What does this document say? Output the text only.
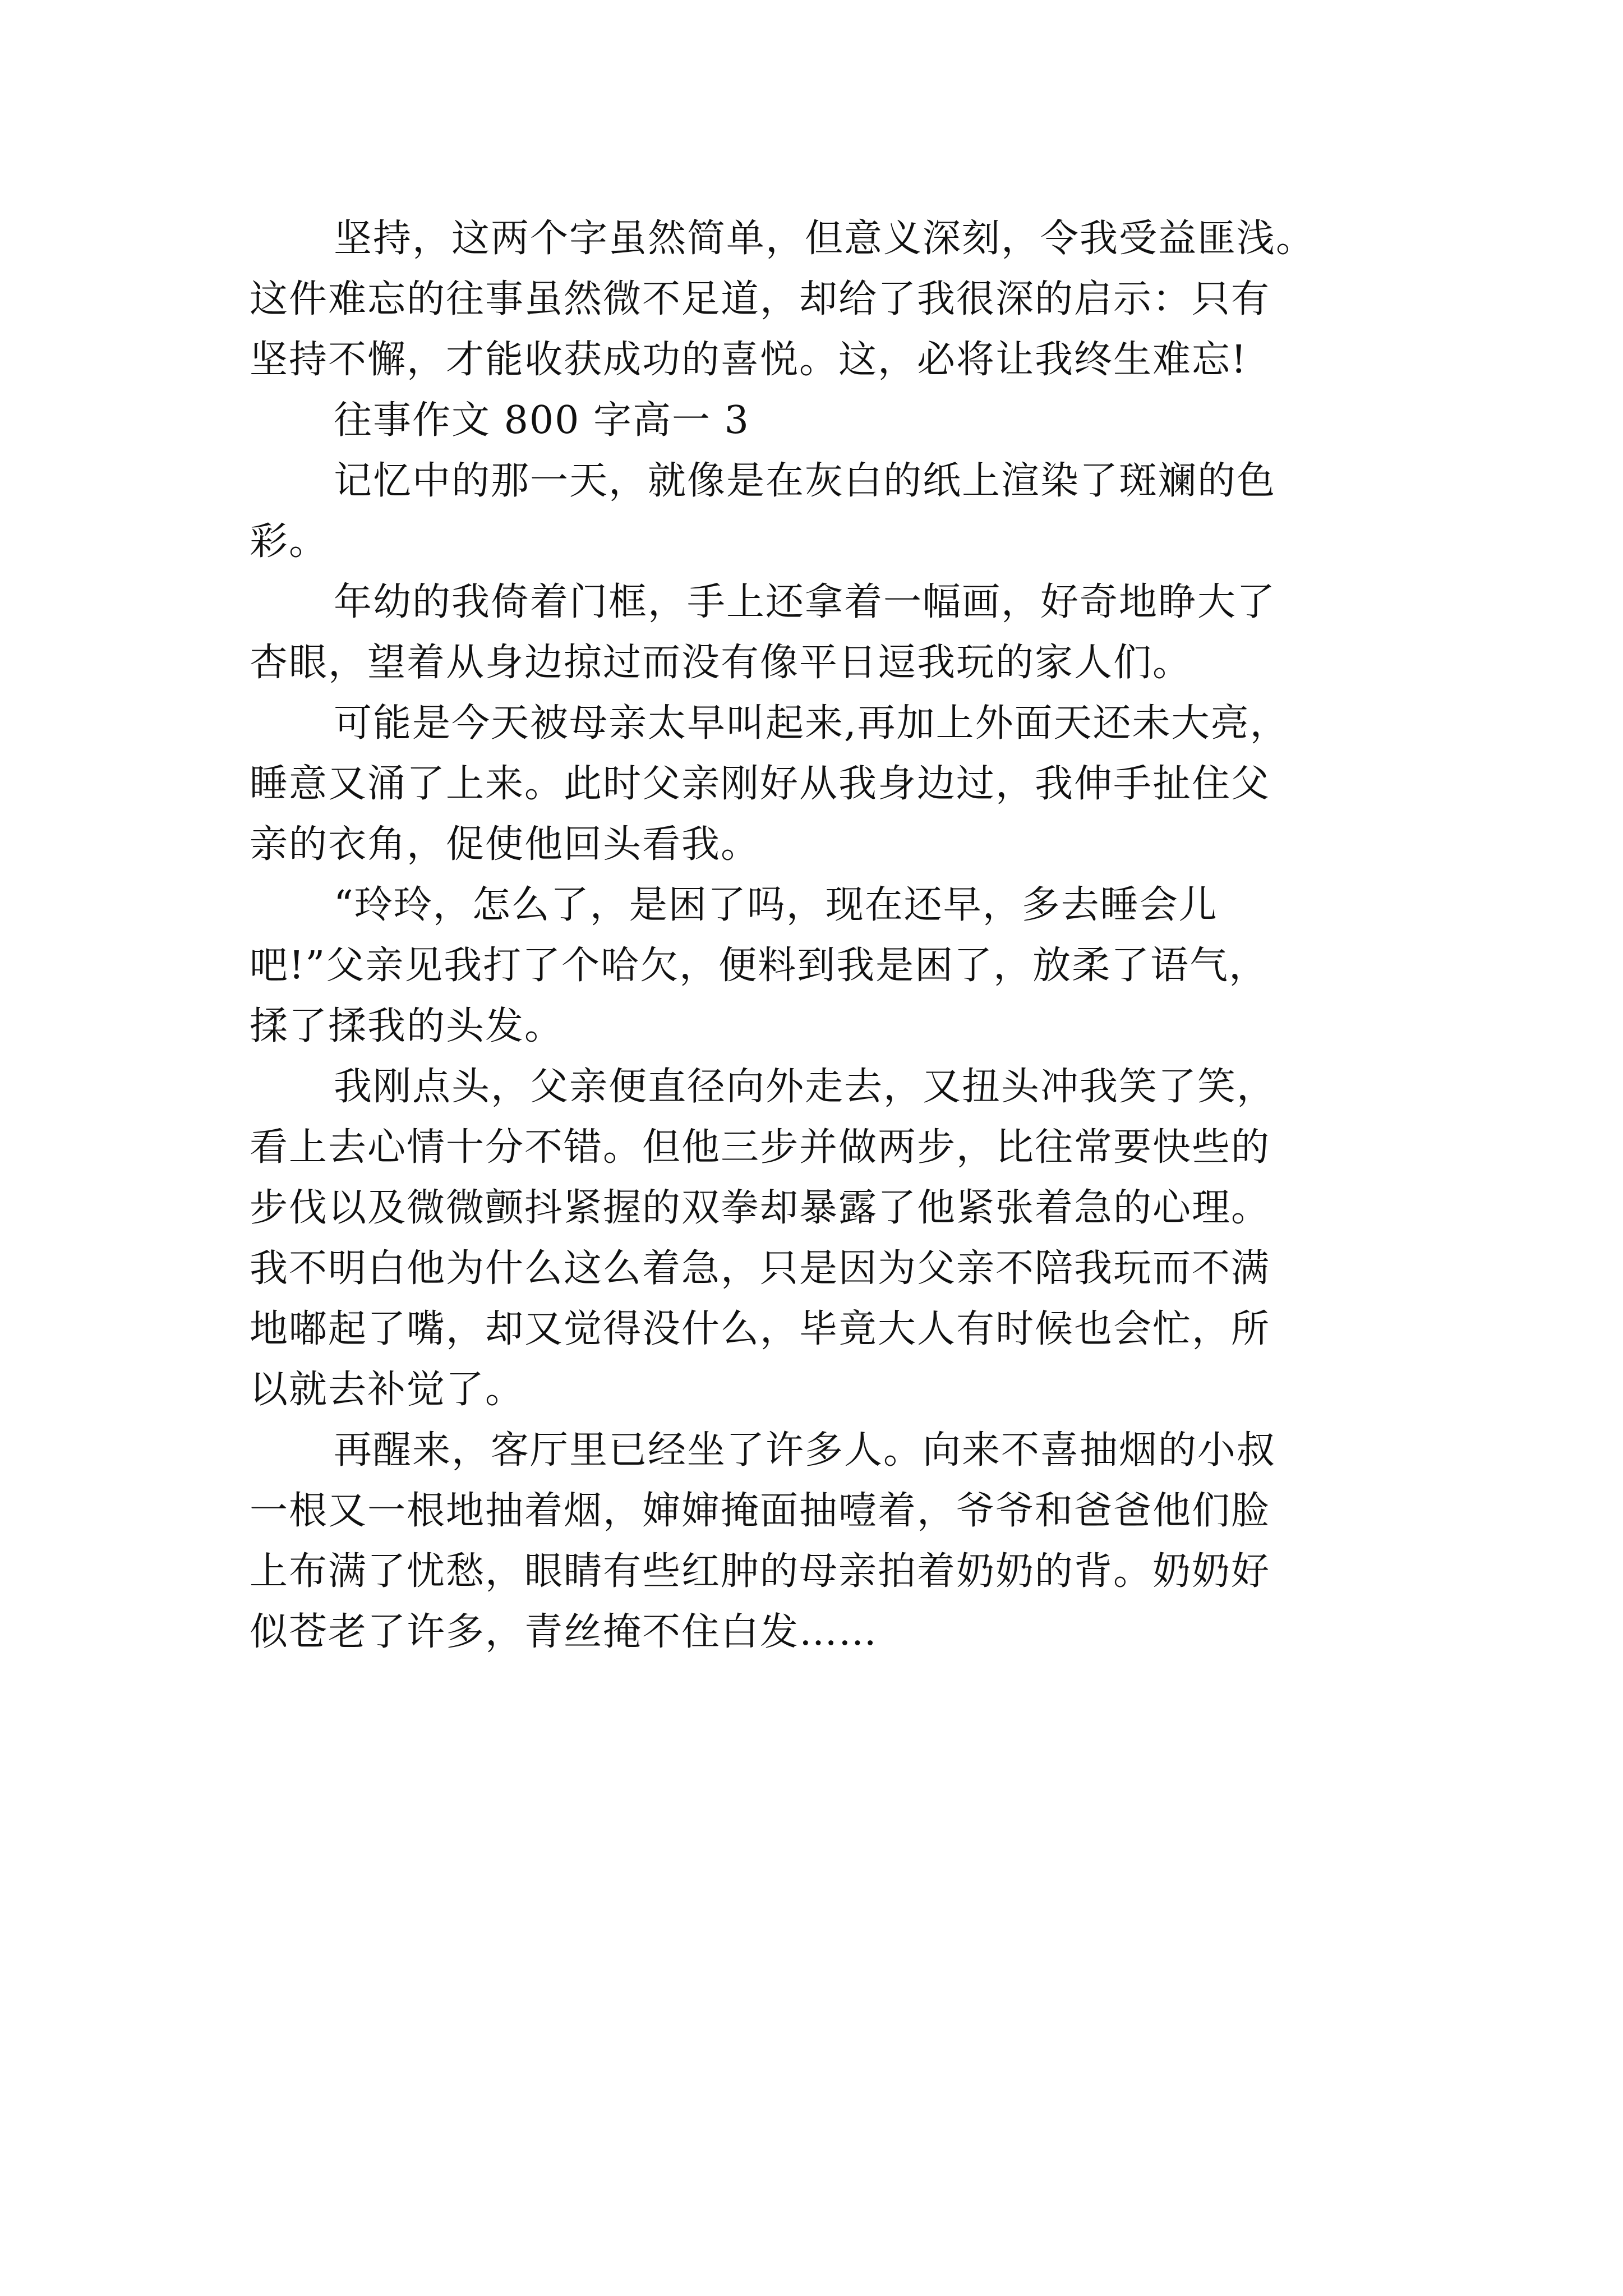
坚持，这两个字虽然简单，但意义深刻，令我受益匪浅。
这件难忘的往事虽然微不足道，却给了我很深的启示：只有
坚持不懈，才能收获成功的喜悦。这，必将让我终生难忘!
往事作文 800 字高一 3
记忆中的那一天，就像是在灰白的纸上渲染了斑斓的色
彩。
年幼的我倚着门框，手上还拿着一幅画，好奇地睁大了
杏眼，望着从身边掠过而没有像平日逗我玩的家人们。
可能是今天被母亲太早叫起来,再加上外面天还未大亮，
睡意又涌了上来。此时父亲刚好从我身边过，我伸手扯住父
亲的衣角，促使他回头看我。
“玲玲，怎么了，是困了吗，现在还早，多去睡会儿
吧!”父亲见我打了个哈欠，便料到我是困了，放柔了语气，
揉了揉我的头发。
我刚点头，父亲便直径向外走去，又扭头冲我笑了笑，
看上去心情十分不错。但他三步并做两步，比往常要快些的
步伐以及微微颤抖紧握的双拳却暴露了他紧张着急的心理。
我不明白他为什么这么着急，只是因为父亲不陪我玩而不满
地嘟起了嘴，却又觉得没什么，毕竟大人有时候也会忙，所
以就去补觉了。
再醒来，客厅里已经坐了许多人。向来不喜抽烟的小叔
一根又一根地抽着烟，婶婶掩面抽噎着，爷爷和爸爸他们脸
上布满了忧愁，眼睛有些红肿的母亲拍着奶奶的背。奶奶好
似苍老了许多，青丝掩不住白发……
